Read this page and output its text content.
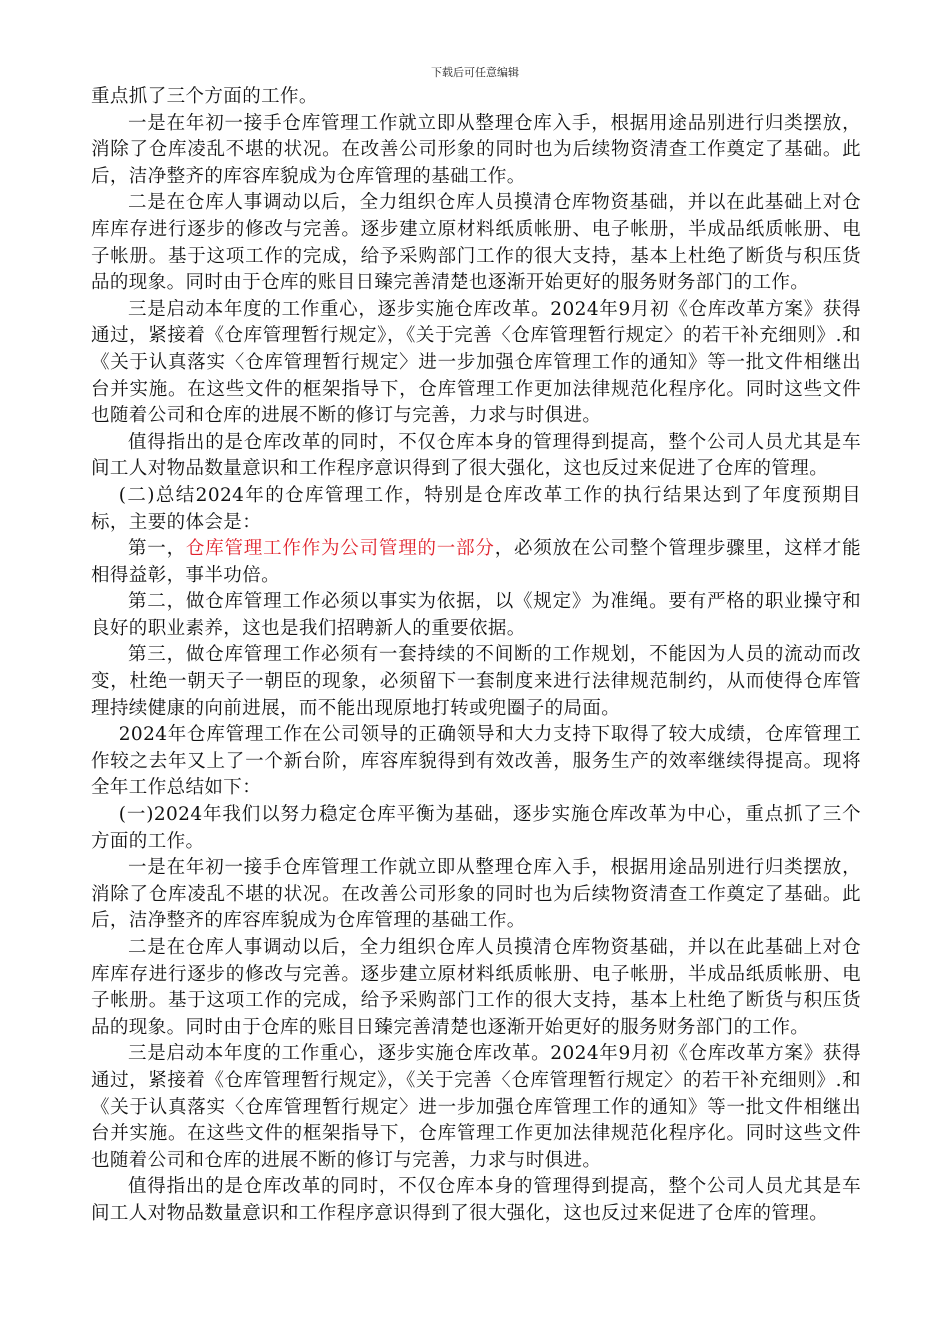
下载后可任意编辑

重点抓了三个方面的工作。

一是在年初一接手仓库管理工作就立即从整理仓库入手，根据用途品别进行归类摆放，消除了仓库凌乱不堪的状况。在改善公司形象的同时也为后续物资清查工作奠定了基础。此后，洁净整齐的库容库貌成为仓库管理的基础工作。

二是在仓库人事调动以后，全力组织仓库人员摸清仓库物资基础，并以在此基础上对仓库库存进行逐步的修改与完善。逐步建立原材料纸质帐册、电子帐册，半成品纸质帐册、电子帐册。基于这项工作的完成，给予采购部门工作的很大支持，基本上杜绝了断货与积压货品的现象。同时由于仓库的账目日臻完善清楚也逐渐开始更好的服务财务部门的工作。

三是启动本年度的工作重心，逐步实施仓库改革。2024年9月初《仓库改革方案》获得通过，紧接着《仓库管理暂行规定》，《关于完善〈仓库管理暂行规定〉的若干补充细则》.和《关于认真落实〈仓库管理暂行规定〉进一步加强仓库管理工作的通知》等一批文件相继出台并实施。在这些文件的框架指导下，仓库管理工作更加法律规范化程序化。同时这些文件也随着公司和仓库的进展不断的修订与完善，力求与时俱进。

值得指出的是仓库改革的同时，不仅仓库本身的管理得到提高，整个公司人员尤其是车间工人对物品数量意识和工作程序意识得到了很大强化，这也反过来促进了仓库的管理。

(二)总结2024年的仓库管理工作，特别是仓库改革工作的执行结果达到了年度预期目标，主要的体会是：

第一，仓库管理工作作为公司管理的一部分，必须放在公司整个管理步骤里，这样才能相得益彰，事半功倍。

第二，做仓库管理工作必须以事实为依据，以《规定》为准绳。要有严格的职业操守和良好的职业素养，这也是我们招聘新人的重要依据。

第三，做仓库管理工作必须有一套持续的不间断的工作规划，不能因为人员的流动而改变，杜绝一朝天子一朝臣的现象，必须留下一套制度来进行法律规范制约，从而使得仓库管理持续健康的向前进展，而不能出现原地打转或兜圈子的局面。

2024年仓库管理工作在公司领导的正确领导和大力支持下取得了较大成绩，仓库管理工作较之去年又上了一个新台阶，库容库貌得到有效改善，服务生产的效率继续得提高。现将全年工作总结如下：

(一)2024年我们以努力稳定仓库平衡为基础，逐步实施仓库改革为中心，重点抓了三个方面的工作。

一是在年初一接手仓库管理工作就立即从整理仓库入手，根据用途品别进行归类摆放，消除了仓库凌乱不堪的状况。在改善公司形象的同时也为后续物资清查工作奠定了基础。此后，洁净整齐的库容库貌成为仓库管理的基础工作。

二是在仓库人事调动以后，全力组织仓库人员摸清仓库物资基础，并以在此基础上对仓库库存进行逐步的修改与完善。逐步建立原材料纸质帐册、电子帐册，半成品纸质帐册、电子帐册。基于这项工作的完成，给予采购部门工作的很大支持，基本上杜绝了断货与积压货品的现象。同时由于仓库的账目日臻完善清楚也逐渐开始更好的服务财务部门的工作。

三是启动本年度的工作重心，逐步实施仓库改革。2024年9月初《仓库改革方案》获得通过，紧接着《仓库管理暂行规定》，《关于完善〈仓库管理暂行规定〉的若干补充细则》.和《关于认真落实〈仓库管理暂行规定〉进一步加强仓库管理工作的通知》等一批文件相继出台并实施。在这些文件的框架指导下，仓库管理工作更加法律规范化程序化。同时这些文件也随着公司和仓库的进展不断的修订与完善，力求与时俱进。

值得指出的是仓库改革的同时，不仅仓库本身的管理得到提高，整个公司人员尤其是车间工人对物品数量意识和工作程序意识得到了很大强化，这也反过来促进了仓库的管理。
